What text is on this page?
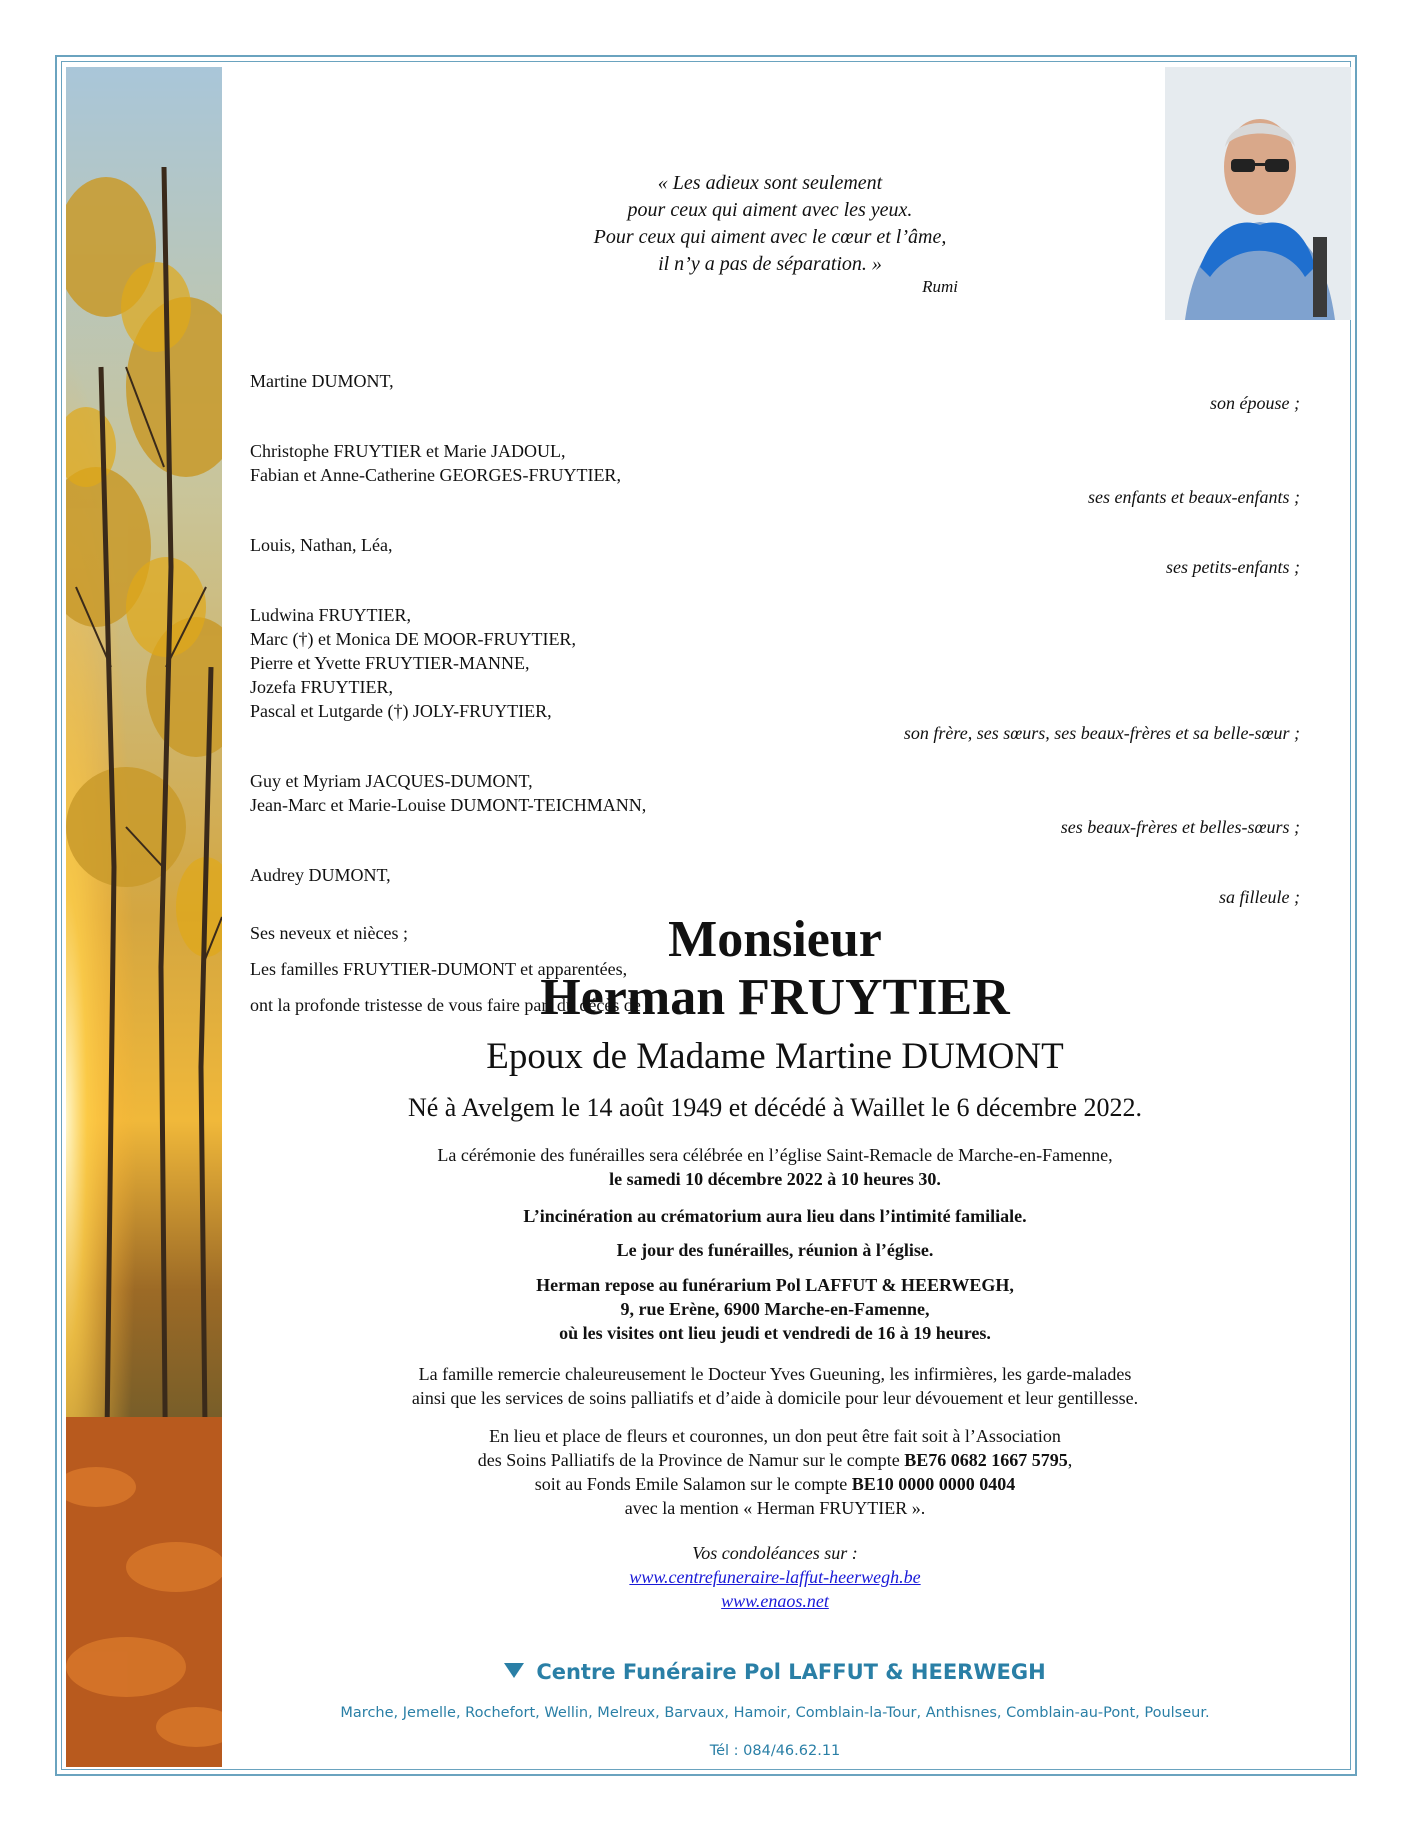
« Les adieux sont seulement
pour ceux qui aiment avec les yeux.
Pour ceux qui aiment avec le cœur et l’âme,
il n’y a pas de séparation. »
Rumi
Martine DUMONT,
son épouse ;
Christophe FRUYTIER et Marie JADOUL,
Fabian et Anne-Catherine GEORGES-FRUYTIER,
ses enfants et beaux-enfants ;
Louis, Nathan, Léa,
ses petits-enfants ;
Ludwina FRUYTIER,
Marc (†) et Monica DE MOOR-FRUYTIER,
Pierre et Yvette FRUYTIER-MANNE,
Jozefa FRUYTIER,
Pascal et Lutgarde (†) JOLY-FRUYTIER,
son frère, ses sœurs, ses beaux-frères et sa belle-sœur ;
Guy et Myriam JACQUES-DUMONT,
Jean-Marc et Marie-Louise DUMONT-TEICHMANN,
ses beaux-frères et belles-sœurs ;
Audrey DUMONT,
sa filleule ;
Ses neveux et nièces ;
Les familles FRUYTIER-DUMONT et apparentées,
ont la profonde tristesse de vous faire part du décès de
Monsieur
Herman FRUYTIER
Epoux de Madame Martine DUMONT
Né à Avelgem le 14 août 1949 et décédé à Waillet le 6 décembre 2022.
La cérémonie des funérailles sera célébrée en l’église Saint-Remacle de Marche-en-Famenne,
le samedi 10 décembre 2022 à 10 heures 30.
L’incinération au crématorium aura lieu dans l’intimité familiale.
Le jour des funérailles, réunion à l’église.
Herman repose au funérarium Pol LAFFUT & HEERWEGH,
9, rue Erène, 6900 Marche-en-Famenne,
où les visites ont lieu jeudi et vendredi de 16 à 19 heures.
La famille remercie chaleureusement le Docteur Yves Gueuning, les infirmières, les garde-malades
ainsi que les services de soins palliatifs et d’aide à domicile pour leur dévouement et leur gentillesse.
En lieu et place de fleurs et couronnes, un don peut être fait soit à l’Association
des Soins Palliatifs de la Province de Namur sur le compte BE76 0682 1667 5795,
soit au Fonds Emile Salamon sur le compte BE10 0000 0000 0404
avec la mention « Herman FRUYTIER ».
Vos condoléances sur :
www.centrefuneraire-laffut-heerwegh.be
www.enaos.net
Centre Funéraire Pol LAFFUT & HEERWEGH
Marche, Jemelle, Rochefort, Wellin, Melreux, Barvaux, Hamoir, Comblain-la-Tour, Anthisnes, Comblain-au-Pont, Poulseur.
Tél : 084/46.62.11
